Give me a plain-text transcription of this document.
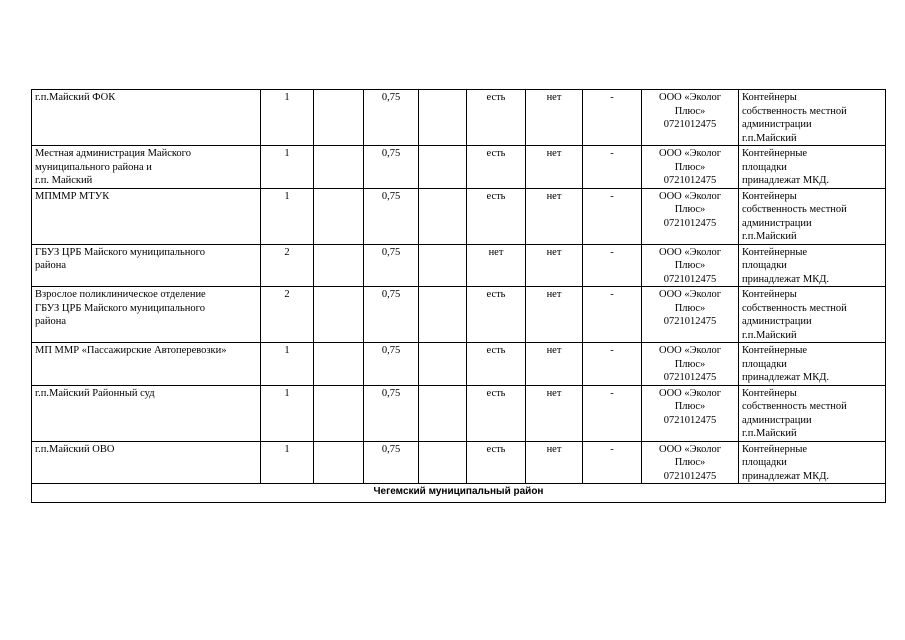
г.п.Майский ФОК	1		0,75		есть	нет	-	ООО «Эколог
Плюс»
0721012475	Контейнеры
собственность местной
администрации
г.п.Майский

Местная администрация Майского
муниципального района и
г.п. Майский	1		0,75		есть	нет	-	ООО «Эколог
Плюс»
0721012475	Контейнерные
площадки
принадлежат МКД.

МПММР МТУК	1		0,75		есть	нет	-	ООО «Эколог
Плюс»
0721012475	Контейнеры
собственность местной
администрации
г.п.Майский

ГБУЗ ЦРБ Майского муниципального
района	2		0,75		нет	нет	-	ООО «Эколог
Плюс»
0721012475	Контейнерные
площадки
принадлежат МКД.

Взрослое поликлиническое отделение
ГБУЗ ЦРБ Майского муниципального
района	2		0,75		есть	нет	-	ООО «Эколог
Плюс»
0721012475	Контейнеры
собственность местной
администрации
г.п.Майский

МП ММР «Пассажирские Автоперевозки»	1		0,75		есть	нет	-	ООО «Эколог
Плюс»
0721012475	Контейнерные
площадки
принадлежат МКД.

г.п.Майский Районный суд	1		0,75		есть	нет	-	ООО «Эколог
Плюс»
0721012475	Контейнеры
собственность местной
администрации
г.п.Майский

г.п.Майский ОВО	1		0,75		есть	нет	-	ООО «Эколог
Плюс»
0721012475	Контейнерные
площадки
принадлежат МКД.

Чегемский муниципальный район									
